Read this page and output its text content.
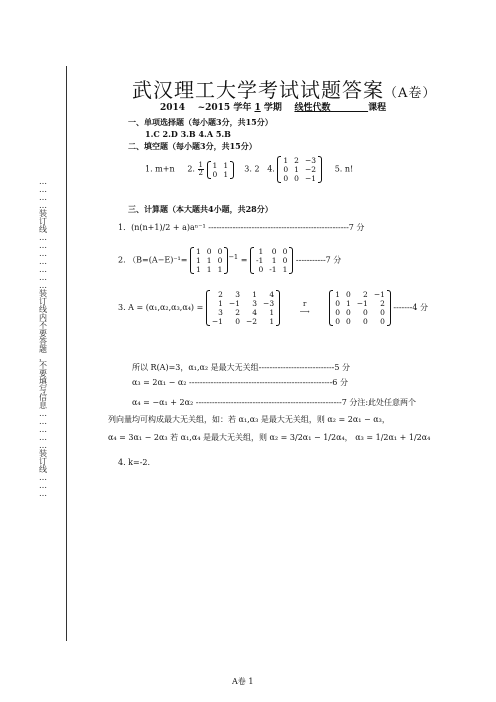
…
…
…
…
装
订
线
…
…
…
…
…
…
…
装
订
线
内
不
要
答
题
，
不
要
填
写
信
息
…
…
…
…
…
装
订
线
…
…
…
武汉理工大学考试试题答案（A卷）
2014 ~2015 学年 1 学期 线性代数	课程
一、单项选择题（每小题3分，共15分）
1.C 2.D 3.B 4.A 5.B
二、填空题（每小题3分，共15分）
1. m+n 2. $\frac{1}{2}$
1	1
0	1
3. 2 4.
1	2	−3
0	1	−2
0	0	−1
5. n!
三、计算题（本大题共4小题，共28分）
1．(n(n+1)/2 + a)aⁿ⁻¹ ----------------------------------------------------7 分
2. （B=(A−E)⁻¹=
1	0	0
1	1	0
1	1	1
$^{-1}$ =
1	0	0
-1	1	0
0	-1	1
-----------7 分
3. A = (α₁,α₂,α₃,α₄) =
2	3	1	4
1	−1	3	−3
3	2	4	1
−1	0	−2	1
r
⟶
1	0	2	−1
0	1	−1	2
0	0	0	0
0	0	0	0
-------4 分
所以 R(A)=3，α₁,α₂ 是最大无关组----------------------------5 分
α₃ = 2α₁ − α₂ -----------------------------------------------------6 分
α₄ = −α₁ + 2α₂ ------------------------------------------------------7 分注:此处任意两个
列向量均可构成最大无关组，如：若 α₁,α₃ 是最大无关组，则 α₂ = 2α₁ − α₃，
α₄ = 3α₁ − 2α₃ 若 α₁,α₄ 是最大无关组，则 α₂ = 3/2α₁ − 1/2α₄， α₃ = 1/2α₁ + 1/2α₄
4. k=-2.
A卷 1
